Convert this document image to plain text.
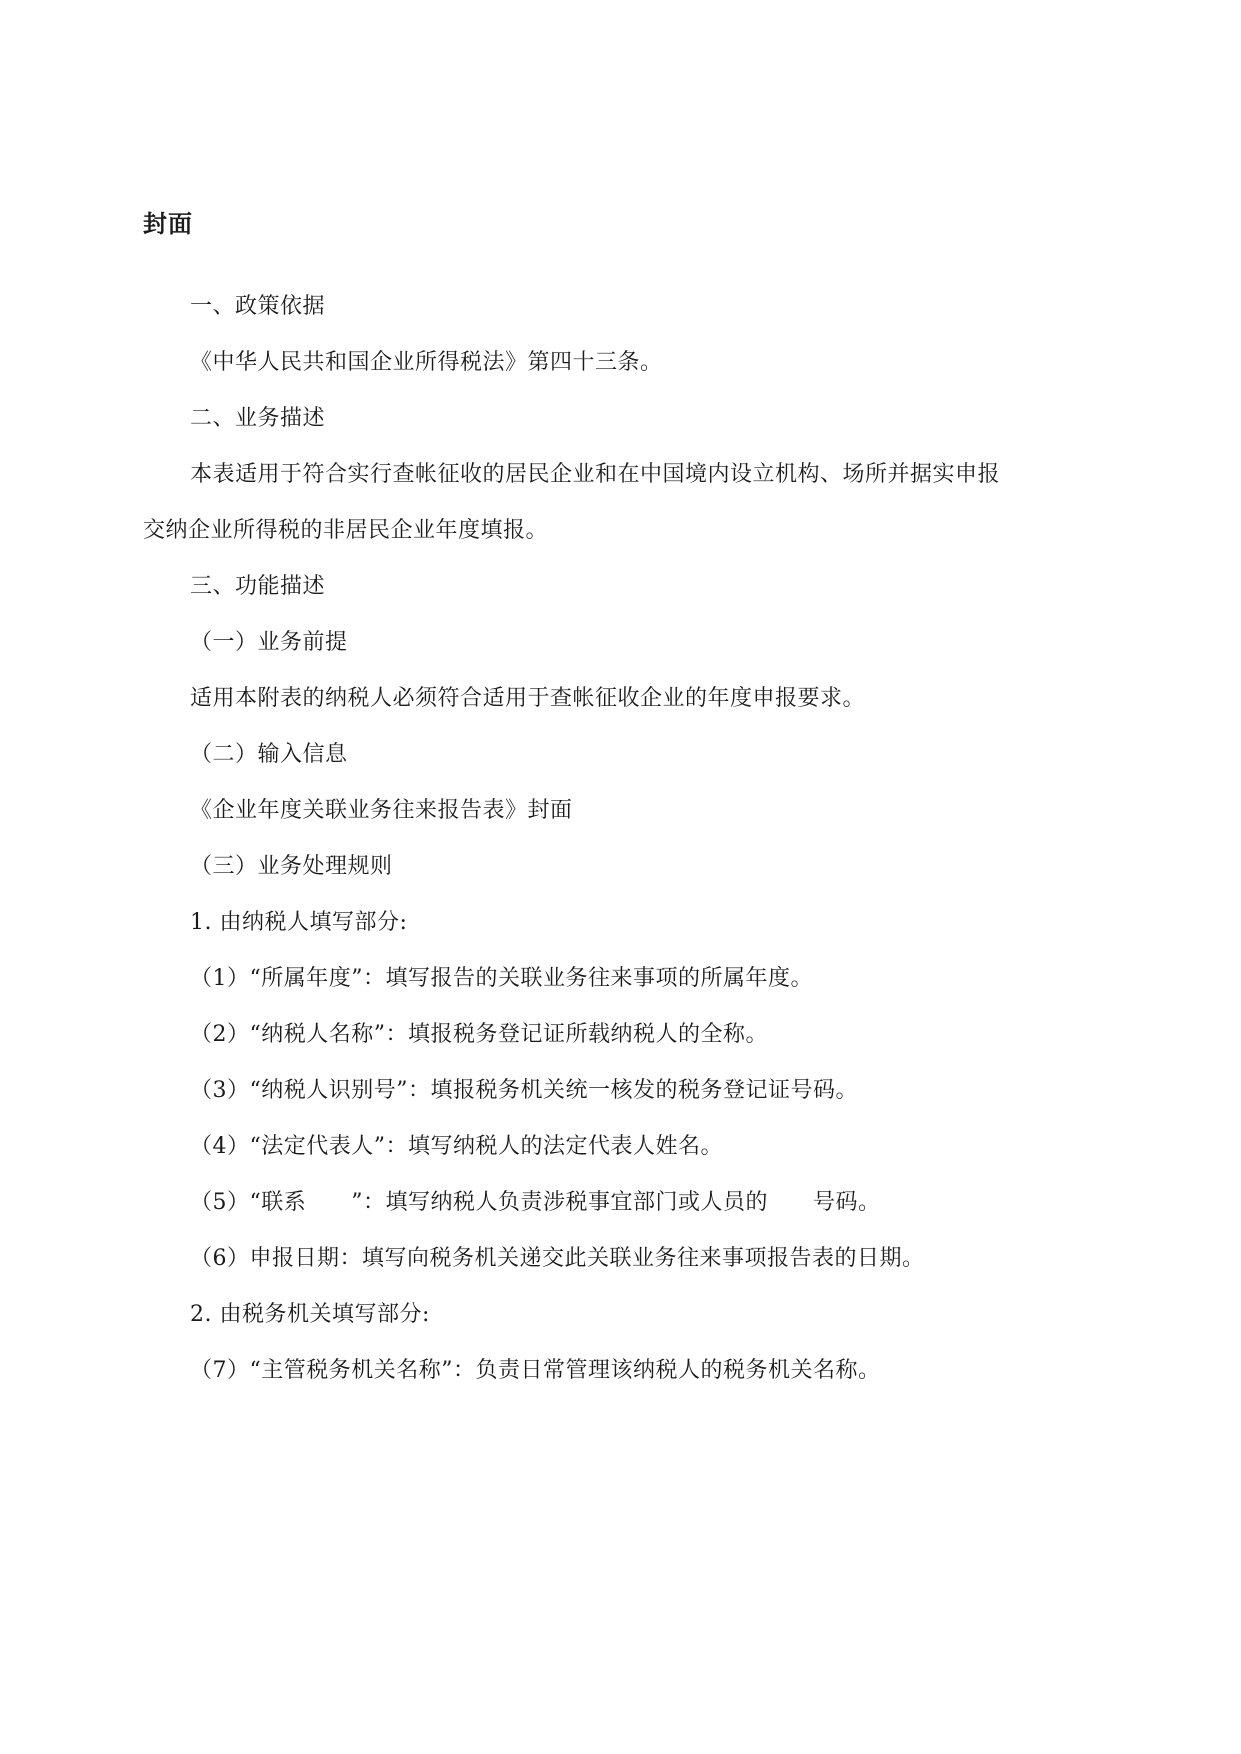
封面
一、政策依据
《中华人民共和国企业所得税法》第四十三条。
二、业务描述
本表适用于符合实行查帐征收的居民企业和在中国境内设立机构、场所并据实申报
交纳企业所得税的非居民企业年度填报。
三、功能描述
（一）业务前提
适用本附表的纳税人必须符合适用于查帐征收企业的年度申报要求。
（二）输入信息
《企业年度关联业务往来报告表》封面
（三）业务处理规则
1. 由纳税人填写部分:
（1）“所属年度”：填写报告的关联业务往来事项的所属年度。
（2）“纳税人名称”：填报税务登记证所载纳税人的全称。
（3）“纳税人识别号”：填报税务机关统一核发的税务登记证号码。
（4）“法定代表人”：填写纳税人的法定代表人姓名。
（5）“联系　　”：填写纳税人负责涉税事宜部门或人员的　　号码。
（6）申报日期：填写向税务机关递交此关联业务往来事项报告表的日期。
2. 由税务机关填写部分:
（7）“主管税务机关名称”：负责日常管理该纳税人的税务机关名称。
